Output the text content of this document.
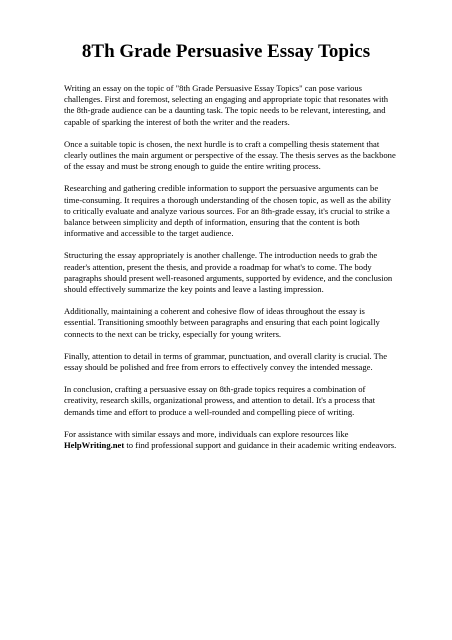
8Th Grade Persuasive Essay Topics

Writing an essay on the topic of "8th Grade Persuasive Essay Topics" can pose various challenges. First and foremost, selecting an engaging and appropriate topic that resonates with the 8th-grade audience can be a daunting task. The topic needs to be relevant, interesting, and capable of sparking the interest of both the writer and the readers.

Once a suitable topic is chosen, the next hurdle is to craft a compelling thesis statement that clearly outlines the main argument or perspective of the essay. The thesis serves as the backbone of the essay and must be strong enough to guide the entire writing process.

Researching and gathering credible information to support the persuasive arguments can be time-consuming. It requires a thorough understanding of the chosen topic, as well as the ability to critically evaluate and analyze various sources. For an 8th-grade essay, it's crucial to strike a balance between simplicity and depth of information, ensuring that the content is both informative and accessible to the target audience.

Structuring the essay appropriately is another challenge. The introduction needs to grab the reader's attention, present the thesis, and provide a roadmap for what's to come. The body paragraphs should present well-reasoned arguments, supported by evidence, and the conclusion should effectively summarize the key points and leave a lasting impression.

Additionally, maintaining a coherent and cohesive flow of ideas throughout the essay is essential. Transitioning smoothly between paragraphs and ensuring that each point logically connects to the next can be tricky, especially for young writers.

Finally, attention to detail in terms of grammar, punctuation, and overall clarity is crucial. The essay should be polished and free from errors to effectively convey the intended message.

In conclusion, crafting a persuasive essay on 8th-grade topics requires a combination of creativity, research skills, organizational prowess, and attention to detail. It's a process that demands time and effort to produce a well-rounded and compelling piece of writing.

For assistance with similar essays and more, individuals can explore resources like HelpWriting.net to find professional support and guidance in their academic writing endeavors.
